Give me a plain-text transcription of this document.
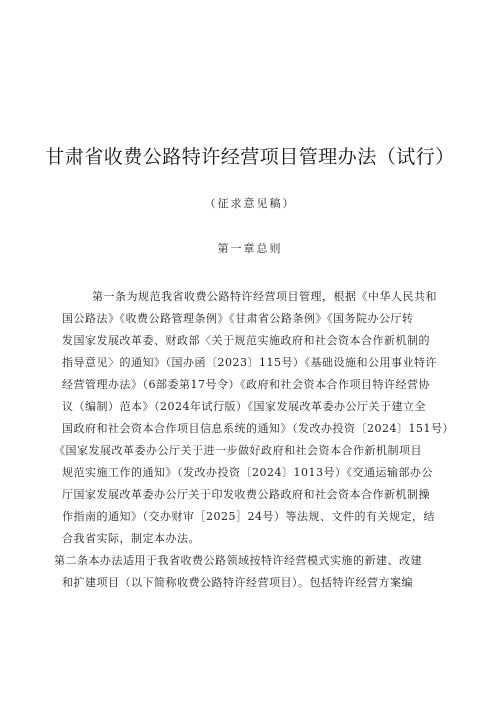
甘肃省收费公路特许经营项目管理办法（试行）
（征求意见稿）
第一章总则
第一条为规范我省收费公路特许经营项目管理，根据《中华人民共和
国公路法》《收费公路管理条例》《甘肃省公路条例》《国务院办公厅转
发国家发展改革委、财政部〈关于规范实施政府和社会资本合作新机制的
指导意见〉的通知》（国办函〔2023〕115号）《基础设施和公用事业特许
经营管理办法》（6部委第17号令）《政府和社会资本合作项目特许经营协
议（编制）范本》（2024年试行版）《国家发展改革委办公厅关于建立全
国政府和社会资本合作项目信息系统的通知》（发改办投资〔2024〕151号）
《国家发展改革委办公厅关于进一步做好政府和社会资本合作新机制项目
规范实施工作的通知》（发改办投资〔2024〕1013号）《交通运输部办公
厅国家发展改革委办公厅关于印发收费公路政府和社会资本合作新机制操
作指南的通知》（交办财审［2025］24号）等法规、文件的有关规定，结
合我省实际，制定本办法。
第二条本办法适用于我省收费公路领域按特许经营模式实施的新建、改建
和扩建项目（以下简称收费公路特许经营项目）。包括特许经营方案编
